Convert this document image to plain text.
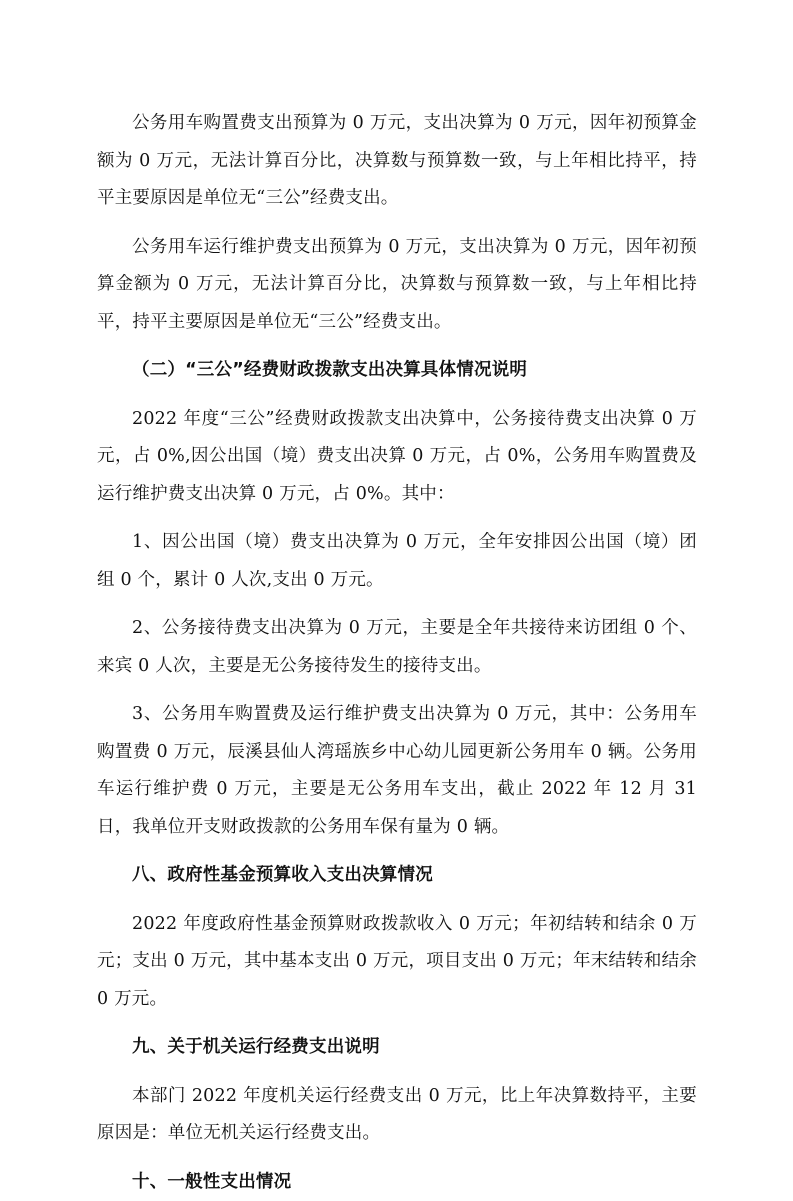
公务用车购置费支出预算为 0 万元，支出决算为 0 万元，因年初预算金额为 0 万元，无法计算百分比，决算数与预算数一致，与上年相比持平，持平主要原因是单位无“三公”经费支出。

公务用车运行维护费支出预算为 0 万元，支出决算为 0 万元，因年初预算金额为 0 万元，无法计算百分比，决算数与预算数一致，与上年相比持平，持平主要原因是单位无“三公”经费支出。

（二）“三公”经费财政拨款支出决算具体情况说明

2022 年度“三公”经费财政拨款支出决算中，公务接待费支出决算 0 万元，占 0%,因公出国（境）费支出决算 0 万元，占 0%，公务用车购置费及运行维护费支出决算 0 万元，占 0%。其中：

1、因公出国（境）费支出决算为 0 万元，全年安排因公出国（境）团组 0 个，累计 0 人次,支出 0 万元。

2、公务接待费支出决算为 0 万元，主要是全年共接待来访团组 0 个、来宾 0 人次，主要是无公务接待发生的接待支出。

3、公务用车购置费及运行维护费支出决算为 0 万元，其中：公务用车购置费 0 万元，辰溪县仙人湾瑶族乡中心幼儿园更新公务用车 0 辆。公务用车运行维护费 0 万元，主要是无公务用车支出，截止 2022 年 12 月 31 日，我单位开支财政拨款的公务用车保有量为 0 辆。

八、政府性基金预算收入支出决算情况

2022 年度政府性基金预算财政拨款收入 0 万元；年初结转和结余 0 万元；支出 0 万元，其中基本支出 0 万元，项目支出 0 万元；年末结转和结余 0 万元。

九、关于机关运行经费支出说明

本部门 2022 年度机关运行经费支出 0 万元，比上年决算数持平，主要原因是：单位无机关运行经费支出。

十、一般性支出情况
